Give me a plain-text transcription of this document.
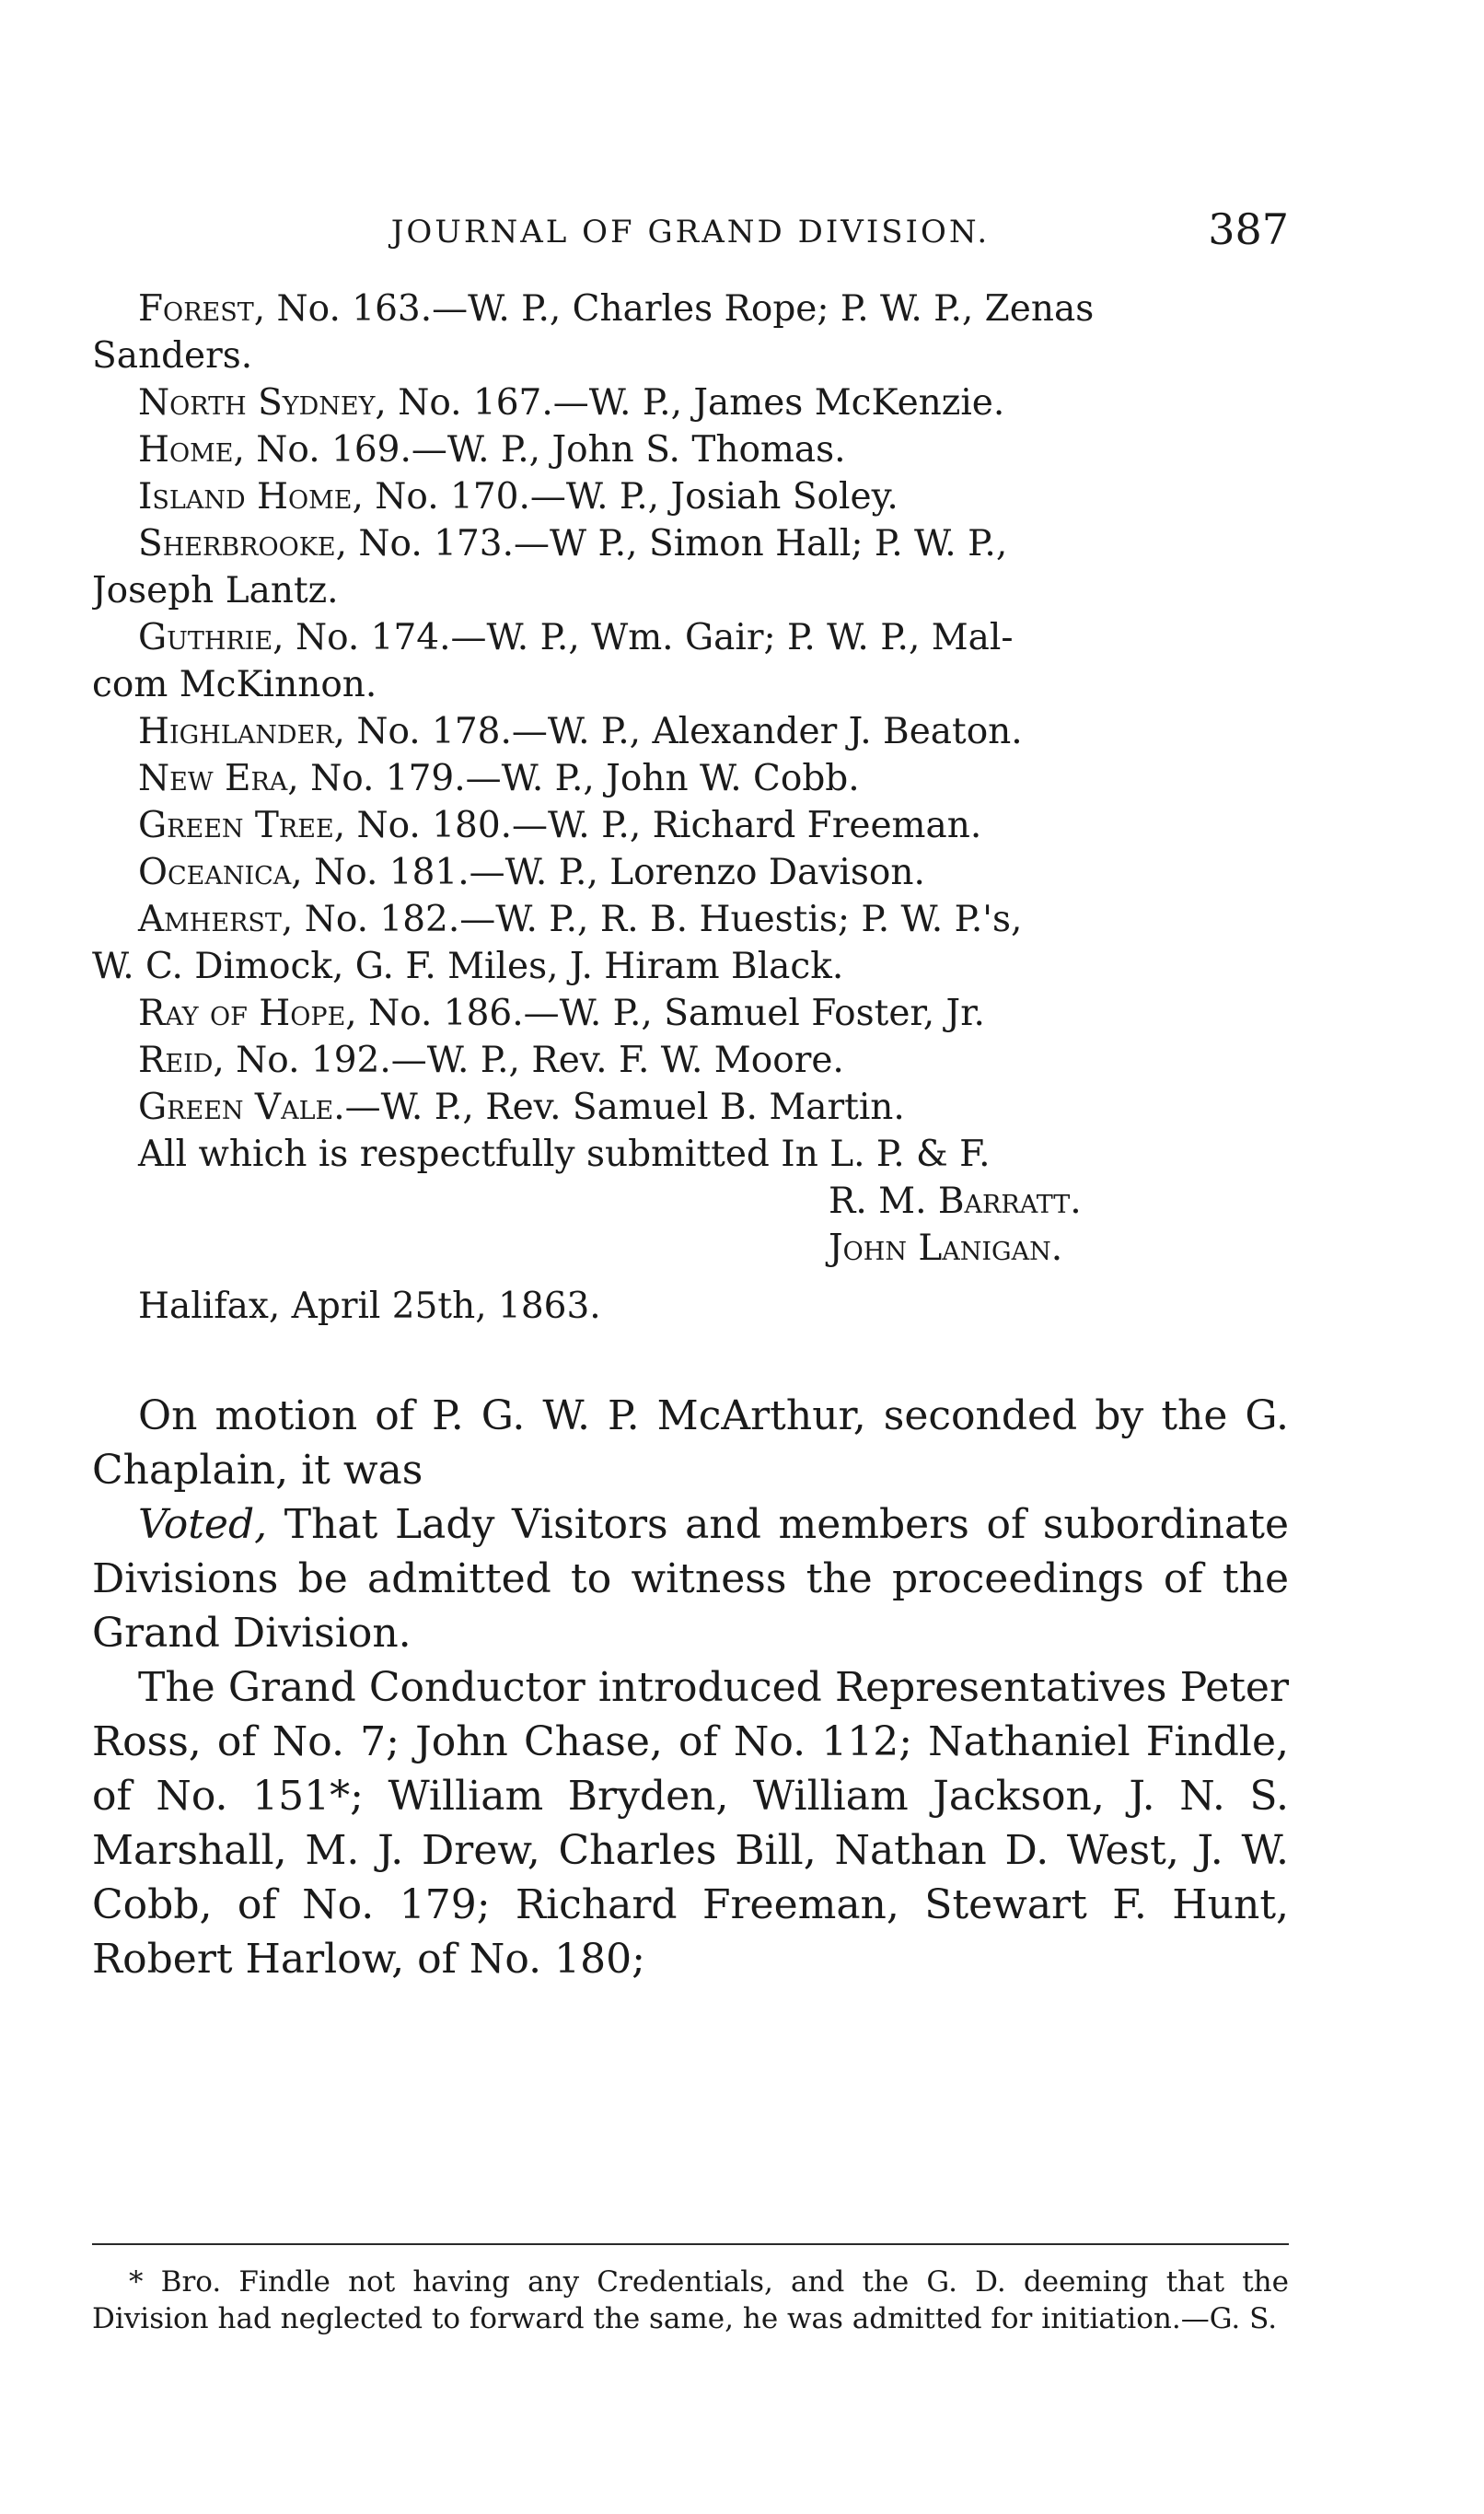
JOURNAL OF GRAND DIVISION.	387

Forest, No. 163.—W. P., Charles Rope; P. W. P., Zenas

Sanders.

North Sydney, No. 167.—W. P., James McKenzie.

Home, No. 169.—W. P., John S. Thomas.

Island Home, No. 170.—W. P., Josiah Soley.

Sherbrooke, No. 173.—W P., Simon Hall; P. W. P.,

Joseph Lantz.

Guthrie, No. 174.—W. P., Wm. Gair; P. W. P., Mal-

com McKinnon.

Highlander, No. 178.—W. P., Alexander J. Beaton.

New Era, No. 179.—W. P., John W. Cobb.

Green Tree, No. 180.—W. P., Richard Freeman.

Oceanica, No. 181.—W. P., Lorenzo Davison.

Amherst, No. 182.—W. P., R. B. Huestis; P. W. P.'s,

W. C. Dimock, G. F. Miles, J. Hiram Black.

Ray of Hope, No. 186.—W. P., Samuel Foster, Jr.

Reid, No. 192.—W. P., Rev. F. W. Moore.

Green Vale.—W. P., Rev. Samuel B. Martin.

All which is respectfully submitted In L. P. & F.

R. M. Barratt.

John Lanigan.

Halifax, April 25th, 1863.

On motion of P. G. W. P. McArthur, seconded by the G. Chaplain, it was

Voted, That Lady Visitors and members of subordinate Divisions be admitted to witness the proceedings of the Grand Division.

The Grand Conductor introduced Representatives Peter Ross, of No. 7; John Chase, of No. 112; Nathaniel Findle, of No. 151*; William Bryden, William Jackson, J. N. S. Marshall, M. J. Drew, Charles Bill, Nathan D. West, J. W. Cobb, of No. 179; Richard Freeman, Stewart F. Hunt, Robert Harlow, of No. 180;

* Bro. Findle not having any Credentials, and the G. D. deeming that the Division had neglected to forward the same, he was admitted for initiation.—G. S.
